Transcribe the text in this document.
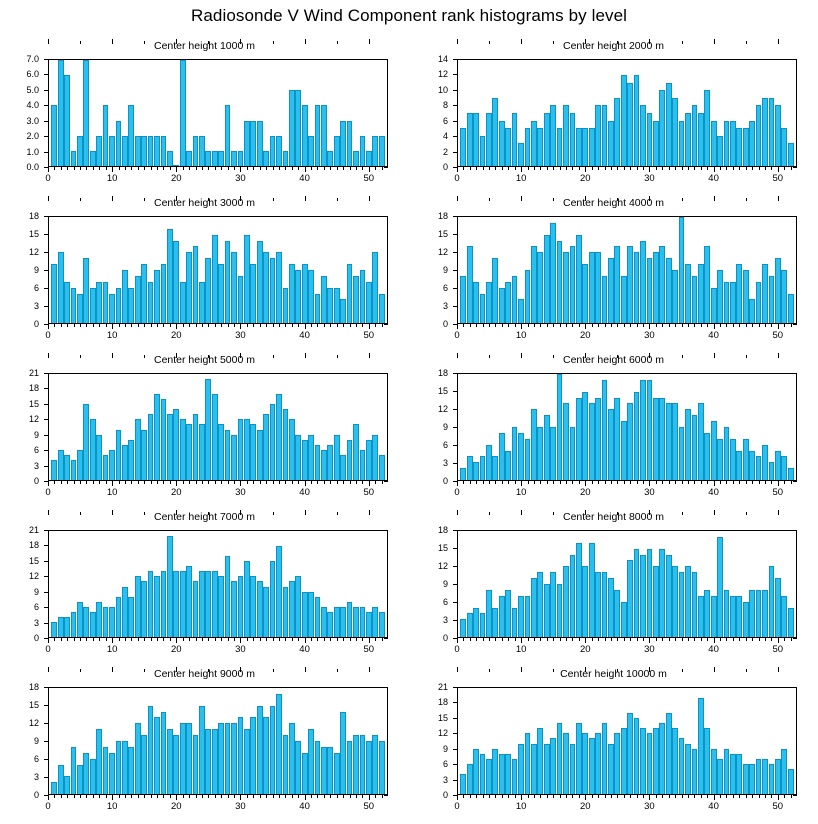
Radiosonde V Wind Component rank histograms by level
Center height 1000 m
0.0
1.0
2.0
3.0
4.0
5.0
6.0
7.0
0	10	20	30	40	50
Center height 2000 m
0
2
4
6
8
10
12
14
0	10	20	30	40	50
Center height 3000 m
0
3
6
9
12
15
18
0	10	20	30	40	50
Center height 4000 m
0
3
6
9
12
15
18
0	10	20	30	40	50
Center height 5000 m
0
3
6
9
12
15
18
21
0	10	20	30	40	50
Center height 6000 m
0
3
6
9
12
15
18
0	10	20	30	40	50
Center height 7000 m
0
3
6
9
12
15
18
21
0	10	20	30	40	50
Center height 8000 m
0
3
6
9
12
15
18
0	10	20	30	40	50
Center height 9000 m
0
3
6
9
12
15
18
0	10	20	30	40	50
Center height 10000 m
0
3
6
9
12
15
18
21
0	10	20	30	40	50
